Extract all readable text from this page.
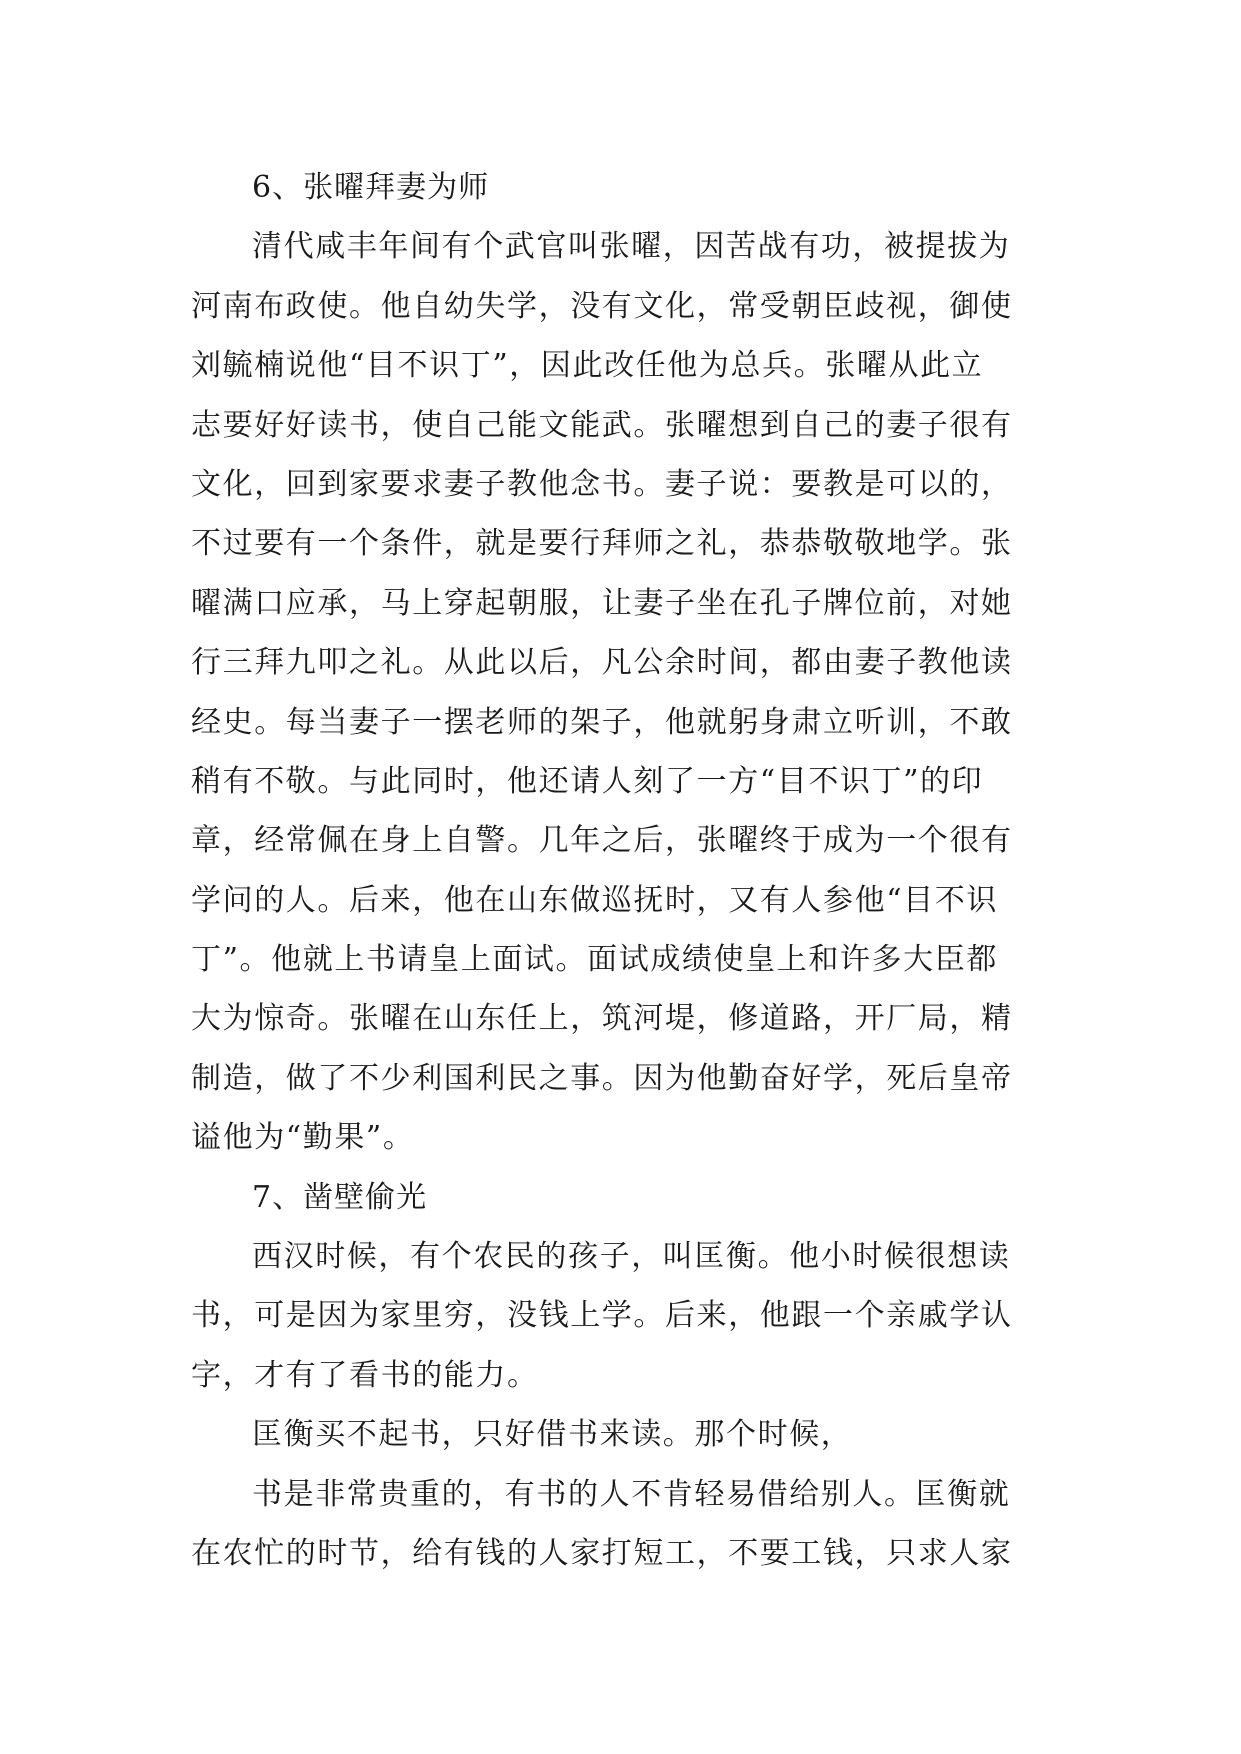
6、张曜拜妻为师
清代咸丰年间有个武官叫张曜，因苦战有功，被提拔为
河南布政使。他自幼失学，没有文化，常受朝臣歧视，御使
刘毓楠说他“目不识丁”，因此改任他为总兵。张曜从此立
志要好好读书，使自己能文能武。张曜想到自己的妻子很有
文化，回到家要求妻子教他念书。妻子说：要教是可以的，
不过要有一个条件，就是要行拜师之礼，恭恭敬敬地学。张
曜满口应承，马上穿起朝服，让妻子坐在孔子牌位前，对她
行三拜九叩之礼。从此以后，凡公余时间，都由妻子教他读
经史。每当妻子一摆老师的架子，他就躬身肃立听训，不敢
稍有不敬。与此同时，他还请人刻了一方“目不识丁”的印
章，经常佩在身上自警。几年之后，张曜终于成为一个很有
学问的人。后来，他在山东做巡抚时，又有人参他“目不识
丁”。他就上书请皇上面试。面试成绩使皇上和许多大臣都
大为惊奇。张曜在山东任上，筑河堤，修道路，开厂局，精
制造，做了不少利国利民之事。因为他勤奋好学，死后皇帝
谥他为“勤果”。
7、凿壁偷光
西汉时候，有个农民的孩子，叫匡衡。他小时候很想读
书，可是因为家里穷，没钱上学。后来，他跟一个亲戚学认
字，才有了看书的能力。
匡衡买不起书，只好借书来读。那个时候，
书是非常贵重的，有书的人不肯轻易借给别人。匡衡就
在农忙的时节，给有钱的人家打短工，不要工钱，只求人家
